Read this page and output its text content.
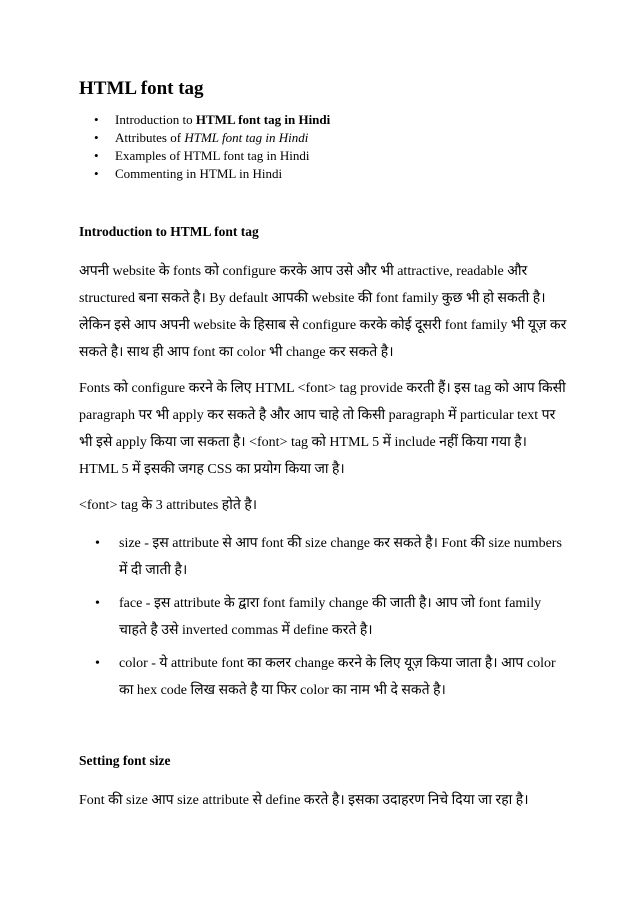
HTML font tag
• Introduction to HTML font tag in Hindi
• Attributes of HTML font tag in Hindi
• Examples of HTML font tag in Hindi
• Commenting in HTML in Hindi
Introduction to HTML font tag

अपनी website के fonts को configure करके आप उसे और भी attractive, readable और structured बना सकते है। By default आपकी website की font family कुछ भी हो सकती है। लेकिन इसे आप अपनी website के हिसाब से configure करके कोई दूसरी font family भी यूज़ कर सकते है। साथ ही आप font का color भी change कर सकते है।

Fonts को configure करने के लिए HTML <font> tag provide करती हैं। इस tag को आप किसी paragraph पर भी apply कर सकते है और आप चाहे तो किसी paragraph में particular text पर भी इसे apply किया जा सकता है। <font> tag को HTML 5 में include नहीं किया गया है। HTML 5 में इसकी जगह CSS का प्रयोग किया जा है।

<font> tag के 3 attributes होते है।

• size - इस attribute से आप font की size change कर सकते है। Font की size numbers में दी जाती है।
• face - इस attribute के द्वारा font family change की जाती है। आप जो font family चाहते है उसे inverted commas में define करते है।
• color - ये attribute font का कलर change करने के लिए यूज़ किया जाता है। आप color का hex code लिख सकते है या फिर color का नाम भी दे सकते है।
Setting font size

Font की size आप size attribute से define करते है। इसका उदाहरण निचे दिया जा रहा है।
